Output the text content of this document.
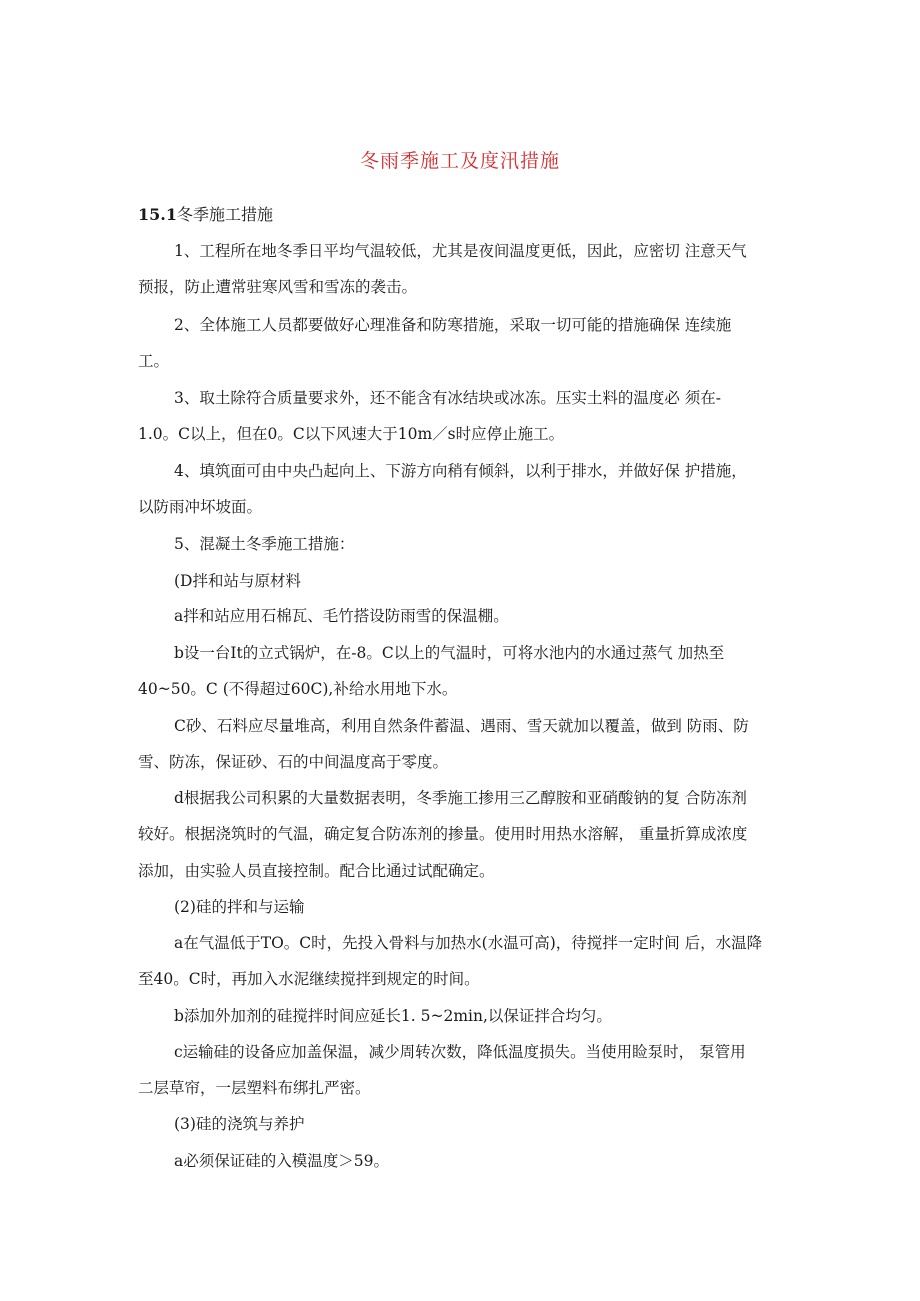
冬雨季施工及度汛措施
15.1冬季施工措施
1、工程所在地冬季日平均气温较低，尤其是夜间温度更低，因此，应密切 注意天气
预报，防止遭常驻寒风雪和雪冻的袭击。
2、全体施工人员都要做好心理准备和防寒措施，采取一切可能的措施确保 连续施
工。
3、取土除符合质量要求外，还不能含有冰结块或冰冻。压实土料的温度必 须在-
1.0。C以上，但在0。C以下风速大于10m／s时应停止施工。
4、填筑面可由中央凸起向上、下游方向稍有倾斜，以利于排水，并做好保 护措施，
以防雨冲坏坡面。
5、混凝土冬季施工措施：
(D拌和站与原材料
a拌和站应用石棉瓦、毛竹搭设防雨雪的保温棚。
b设一台It的立式锅炉，在-8。C以上的气温时，可将水池内的水通过蒸气 加热至
40~50。C (不得超过60C),补给水用地下水。
C砂、石料应尽量堆高，利用自然条件蓄温、遇雨、雪天就加以覆盖，做到 防雨、防
雪、防冻，保证砂、石的中间温度高于零度。
d根据我公司积累的大量数据表明，冬季施工掺用三乙醇胺和亚硝酸钠的复 合防冻剂
较好。根据浇筑时的气温，确定复合防冻剂的掺量。使用时用热水溶解， 重量折算成浓度
添加，由实验人员直接控制。配合比通过试配确定。
(2)硅的拌和与运输
a在气温低于TO。C时，先投入骨料与加热水(水温可高)，待搅拌一定时间 后，水温降
至40。C时，再加入水泥继续搅拌到规定的时间。
b添加外加剂的硅搅拌时间应延长1. 5~2min,以保证拌合均匀。
c运输硅的设备应加盖保温，减少周转次数，降低温度损失。当使用睑泵时， 泵管用
二层草帘，一层塑料布绑扎严密。
(3)硅的浇筑与养护
a必须保证硅的入模温度＞59。
